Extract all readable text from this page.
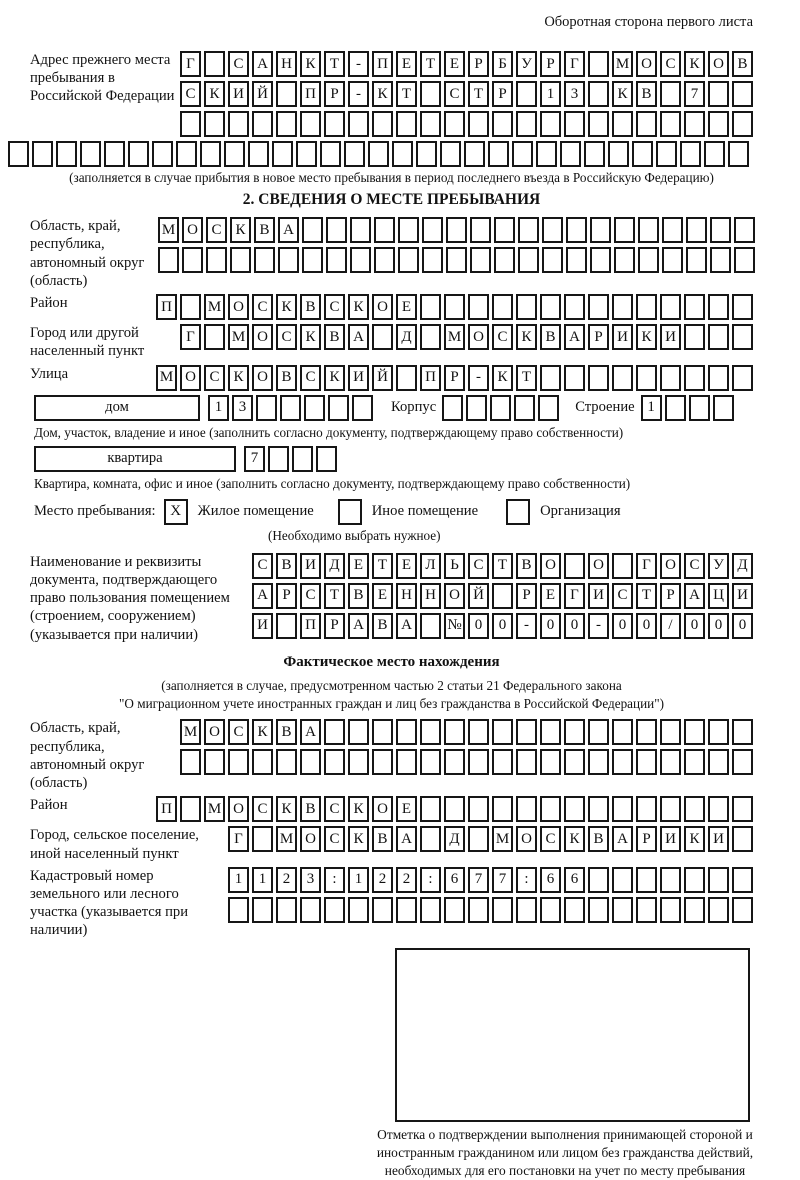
Оборотная сторона первого листа
Адрес прежнего места пребывания в Российской Федерации
Г	С А Н К Т	-	П Е Т Е	Р	Б У Р	Г	М О С К О В
С К И Й	П Р	-	К Т	С Т	Р	1	3	К В	7
(заполняется в случае прибытия в новое место пребывания в период последнего въезда в Российскую Федерацию)
2. СВЕДЕНИЯ О МЕСТЕ ПРЕБЫВАНИЯ
Область, край, республика, автономный округ (область)
М О С К В А
Район	П	М О С К В С К О Е
Город или другой населенный пункт
Г	М О С К В А	Д	М О С К В А Р И К И
Улица	М О С К О В С К И Й	П Р	-	К Т
дом	1	3	Корпус	Строение 1
Дом, участок, владение и иное (заполнить согласно документу, подтверждающему право собственности)
квартира	7
Квартира, комната, офис и иное (заполнить согласно документу, подтверждающему право собственности)
Место пребывания: X	Жилое помещение	Иное помещение	Организация
(Необходимо выбрать нужное)
Наименование и реквизиты документа, подтверждающего право пользования помещением (строением, сооружением) (указывается при наличии)
С В И Д Е Т Е Л Ь С Т В О	О	Г О С У Д
А Р С Т В Е Н Н О Й	Р	Е	Г И С Т	Р А Ц И
И	П Р А В А	№ 0	0	-	0	0	-	0	0	/	0	0	0
Фактическое место нахождения
(заполняется в случае, предусмотренном частью 2 статьи 21 Федерального закона
"О миграционном учете иностранных граждан и лиц без гражданства в Российской Федерации")
Область, край, республика, автономный округ (область)
М О С К В А
Район	П	М О С К В С К О Е
Город, сельское поселение, иной населенный пункт
Г	М О С К В А	Д	М О С К В А Р И К И
Кадастровый номер земельного или лесного участка (указывается при наличии)
1	1	2	3	:	1	2	2	:	6	7	7	:	6	6
Отметка о подтверждении выполнения принимающей стороной и иностранным гражданином или лицом без гражданства действий, необходимых для его постановки на учет по месту пребывания
